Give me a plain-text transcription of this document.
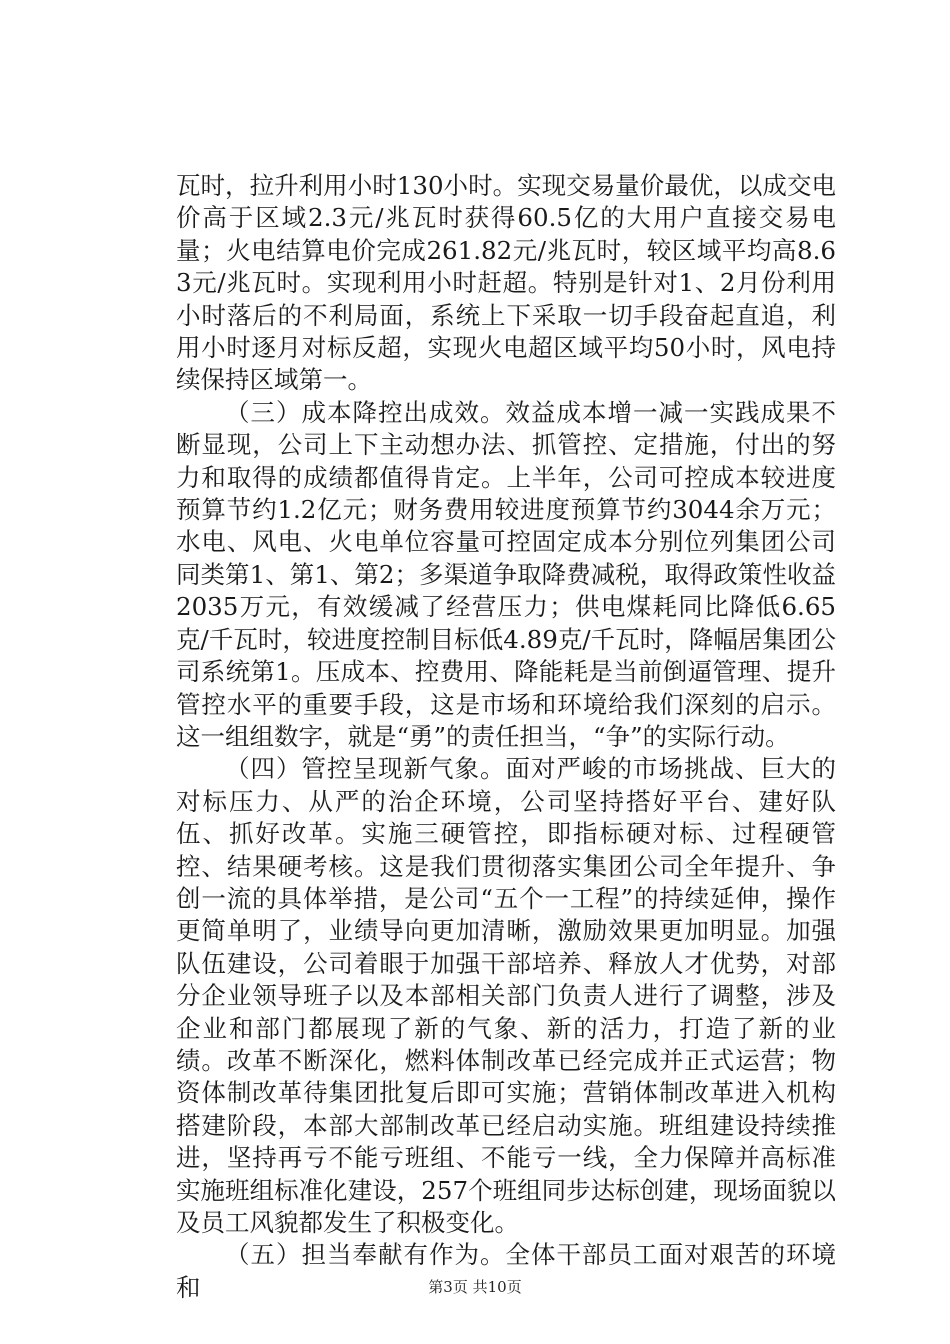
瓦时，拉升利用小时130小时。实现交易量价最优，以成交电价高于区域2.3元/兆瓦时获得60.5亿的大用户直接交易电量；火电结算电价完成261.82元/兆瓦时，较区域平均高8.63元/兆瓦时。实现利用小时赶超。特别是针对1、2月份利用小时落后的不利局面，系统上下采取一切手段奋起直追，利用小时逐月对标反超，实现火电超区域平均50小时，风电持续保持区域第一。

（三）成本降控出成效。效益成本增一减一实践成果不断显现，公司上下主动想办法、抓管控、定措施，付出的努力和取得的成绩都值得肯定。上半年，公司可控成本较进度预算节约1.2亿元；财务费用较进度预算节约3044余万元；水电、风电、火电单位容量可控固定成本分别位列集团公司同类第1、第1、第2；多渠道争取降费减税，取得政策性收益2035万元，有效缓减了经营压力；供电煤耗同比降低6.65克/千瓦时，较进度控制目标低4.89克/千瓦时，降幅居集团公司系统第1。压成本、控费用、降能耗是当前倒逼管理、提升管控水平的重要手段，这是市场和环境给我们深刻的启示。这一组组数字，就是“勇”的责任担当，“争”的实际行动。

（四）管控呈现新气象。面对严峻的市场挑战、巨大的对标压力、从严的治企环境，公司坚持搭好平台、建好队伍、抓好改革。实施三硬管控，即指标硬对标、过程硬管控、结果硬考核。这是我们贯彻落实集团公司全年提升、争创一流的具体举措，是公司“五个一工程”的持续延伸，操作更简单明了，业绩导向更加清晰，激励效果更加明显。加强队伍建设，公司着眼于加强干部培养、释放人才优势，对部分企业领导班子以及本部相关部门负责人进行了调整，涉及企业和部门都展现了新的气象、新的活力，打造了新的业绩。改革不断深化，燃料体制改革已经完成并正式运营；物资体制改革待集团批复后即可实施；营销体制改革进入机构搭建阶段，本部大部制改革已经启动实施。班组建设持续推进，坚持再亏不能亏班组、不能亏一线，全力保障并高标准实施班组标准化建设，257个班组同步达标创建，现场面貌以及员工风貌都发生了积极变化。

（五）担当奉献有作为。全体干部员工面对艰苦的环境和	第3页 共10页
